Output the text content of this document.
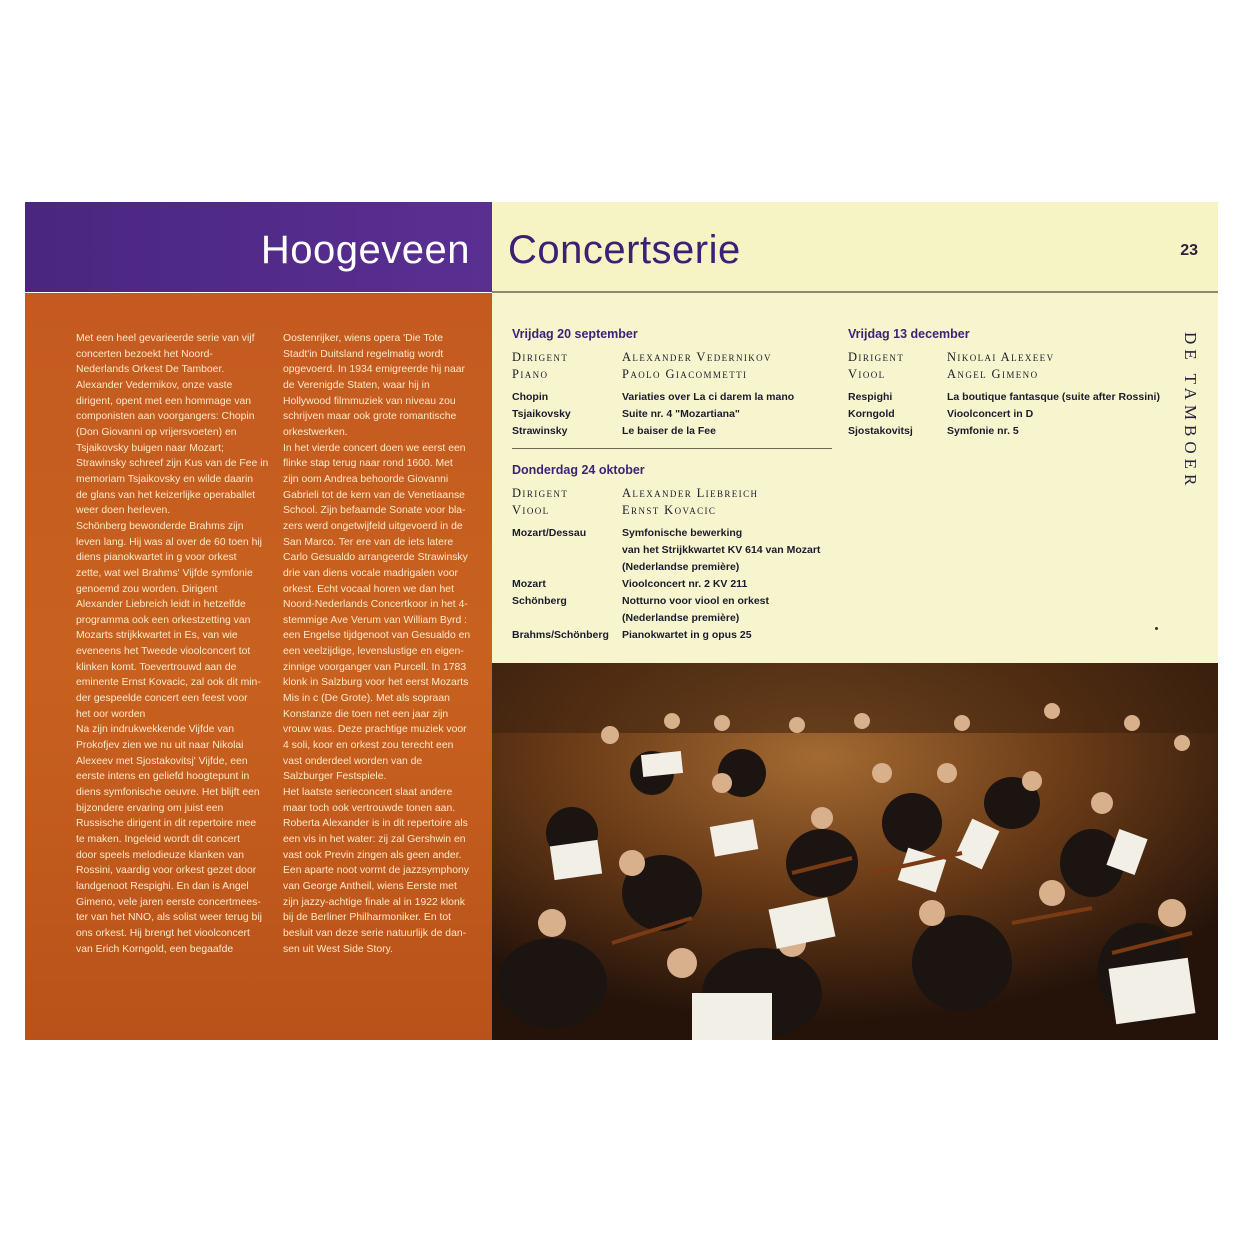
Hoogeveen Concertserie	23

Met een heel gevarieerde serie van vijf

concerten bezoekt het Noord-

Nederlands Orkest De Tamboer.

Alexander Vedernikov, onze vaste

dirigent, opent met een hommage van

componisten aan voorgangers: Chopin

(Don Giovanni op vrijersvoeten) en

Tsjaikovsky buigen naar Mozart;

Strawinsky schreef zijn Kus van de Fee in

memoriam Tsjaikovsky en wilde daarin

de glans van het keizerlijke operaballet

weer doen herleven.

Schönberg bewonderde Brahms zijn

leven lang. Hij was al over de 60 toen hij

diens pianokwartet in g voor orkest

zette, wat wel Brahms' Vijfde symfonie

genoemd zou worden. Dirigent

Alexander Liebreich leidt in hetzelfde

programma ook een orkestzetting van

Mozarts strijkkwartet in Es, van wie

eveneens het Tweede vioolconcert tot

klinken komt. Toevertrouwd aan de

eminente Ernst Kovacic, zal ook dit min-

der gespeelde concert een feest voor

het oor worden

Na zijn indrukwekkende Vijfde van

Prokofjev zien we nu uit naar Nikolai

Alexeev met Sjostakovitsj' Vijfde, een

eerste intens en geliefd hoogtepunt in

diens symfonische oeuvre. Het blijft een

bijzondere ervaring om juist een

Russische dirigent in dit repertoire mee

te maken. Ingeleid wordt dit concert

door speels melodieuze klanken van

Rossini, vaardig voor orkest gezet door

landgenoot Respighi. En dan is Angel

Gimeno, vele jaren eerste concertmees-

ter van het NNO, als solist weer terug bij

ons orkest. Hij brengt het vioolconcert

van Erich Korngold, een begaafde

Oostenrijker, wiens opera 'Die Tote

Stadt'in Duitsland regelmatig wordt

opgevoerd. In 1934 emigreerde hij naar

de Verenigde Staten, waar hij in

Hollywood filmmuziek van niveau zou

schrijven maar ook grote romantische

orkestwerken.

In het vierde concert doen we eerst een

flinke stap terug naar rond 1600. Met

zijn oom Andrea behoorde Giovanni

Gabrieli tot de kern van de Venetiaanse

School. Zijn befaamde Sonate voor bla-

zers werd ongetwijfeld uitgevoerd in de

San Marco. Ter ere van de iets latere

Carlo Gesualdo arrangeerde Strawinsky

drie van diens vocale madrigalen voor

orkest. Echt vocaal horen we dan het

Noord-Nederlands Concertkoor in het 4-

stemmige Ave Verum van William Byrd :

een Engelse tijdgenoot van Gesualdo en

een veelzijdige, levenslustige en eigen-

zinnige voorganger van Purcell. In 1783

klonk in Salzburg voor het eerst Mozarts

Mis in c (De Grote). Met als sopraan

Konstanze die toen net een jaar zijn

vrouw was. Deze prachtige muziek voor

4 soli, koor en orkest zou terecht een

vast onderdeel worden van de

Salzburger Festspiele.

Het laatste serieconcert slaat andere

maar toch ook vertrouwde tonen aan.

Roberta Alexander is in dit repertoire als

een vis in het water: zij zal Gershwin en

vast ook Previn zingen als geen ander.

Een aparte noot vormt de jazzsymphony

van George Antheil, wiens Eerste met

zijn jazzy-achtige finale al in 1922 klonk

bij de Berliner Philharmoniker. En tot

besluit van deze serie natuurlijk de dan-

sen uit West Side Story.

Vrijdag 20 september
Dirigent	Alexander Vedernikov
Piano	Paolo Giacommetti
Chopin	Variaties over La ci darem la mano
Tsjaikovsky	Suite nr. 4 "Mozartiana"
Strawinsky	Le baiser de la Fee
Donderdag 24 oktober
Dirigent	Alexander Liebreich
Viool	Ernst Kovacic
Mozart/Dessau	Symfonische bewerking
van het Strijkkwartet KV 614 van Mozart
(Nederlandse première)
Mozart	Vioolconcert nr. 2 KV 211
Schönberg	Notturno voor viool en orkest
(Nederlandse première)
Brahms/Schönberg	Pianokwartet in g opus 25
Vrijdag 13 december
Dirigent	Nikolai Alexeev
Viool	Angel Gimeno
Respighi	La boutique fantasque (suite after Rossini)
Korngold	Vioolconcert in D
Sjostakovitsj	Symfonie nr. 5	DE TAMBOER
